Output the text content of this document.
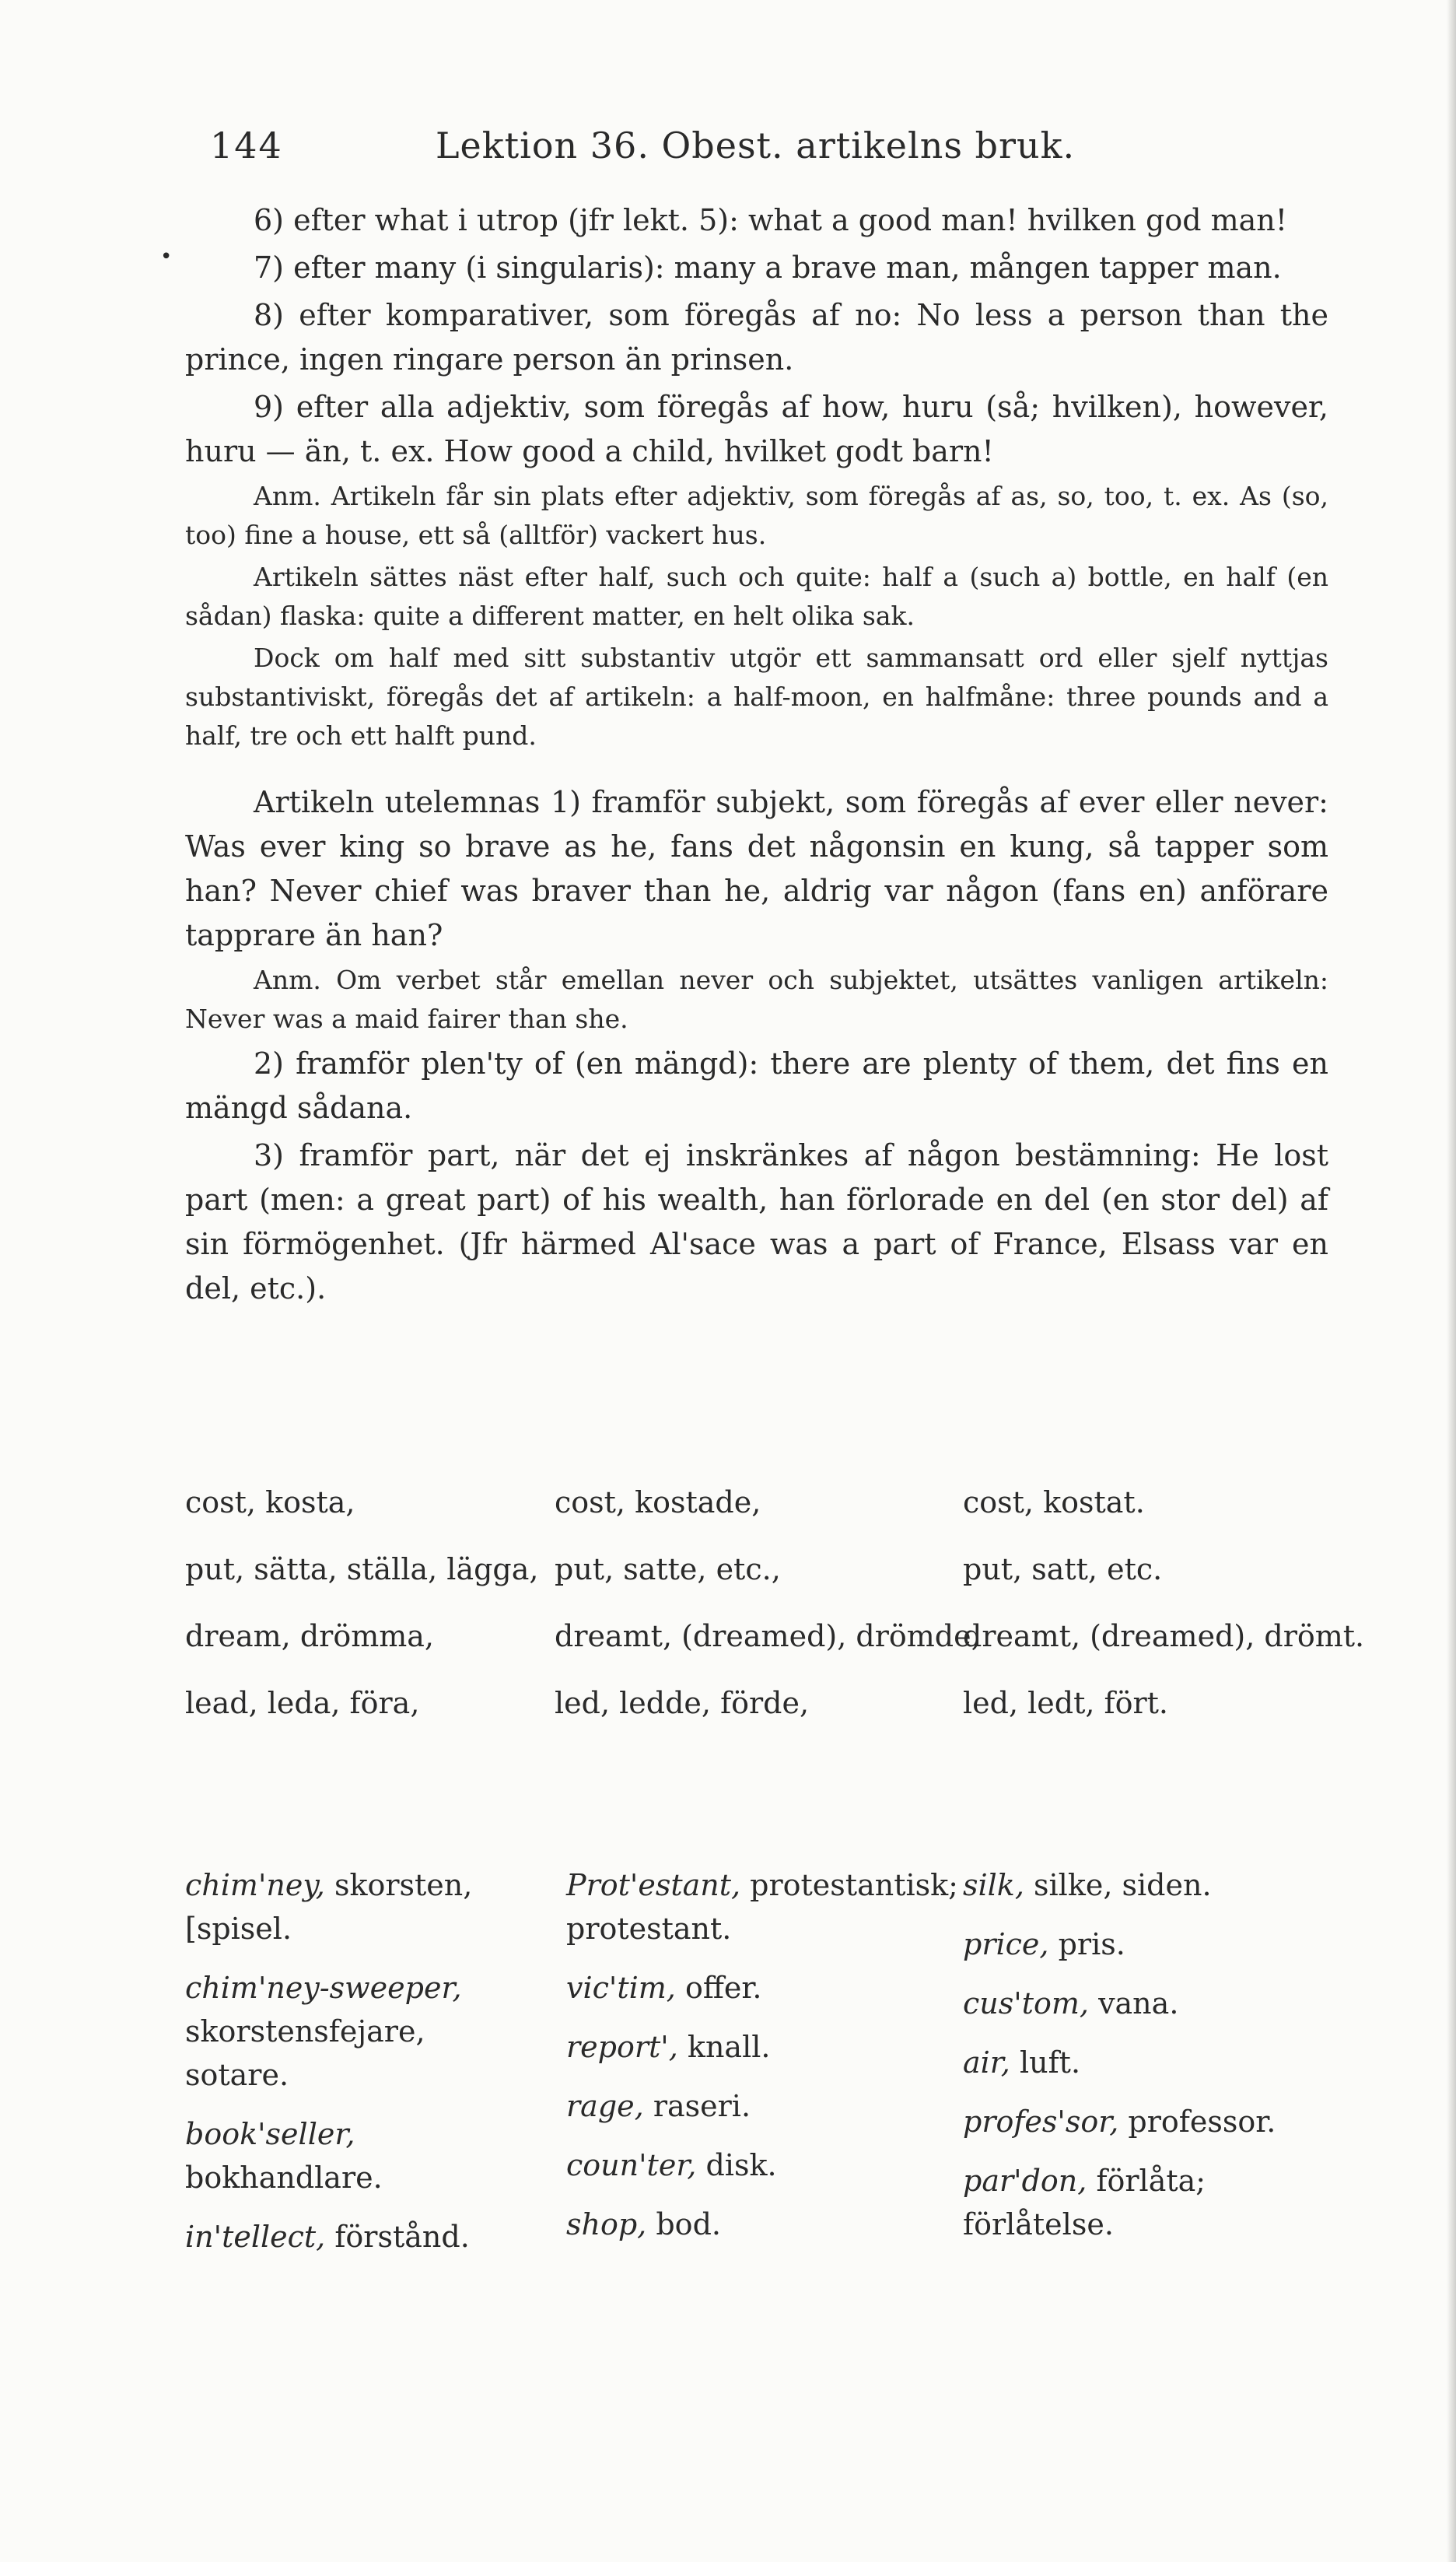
144	Lektion 36. Obest. artikelns bruk.
•

6) efter what i utrop (jfr lekt. 5): what a good man! hvilken god man!

7) efter many (i singularis): many a brave man, mången tapper man.

8) efter komparativer, som föregås af no: No less a person than the prince, ingen ringare person än prinsen.

9) efter alla adjektiv, som föregås af how, huru (så; hvilken), however, huru — än, t. ex. How good a child, hvilket godt barn!

Anm. Artikeln får sin plats efter adjektiv, som föregås af as, so, too, t. ex. As (so, too) fine a house, ett så (alltför) vackert hus.

Artikeln sättes näst efter half, such och quite: half a (such a) bottle, en half (en sådan) flaska: quite a different matter, en helt olika sak.

Dock om half med sitt substantiv utgör ett sammansatt ord eller sjelf nyttjas substantiviskt, föregås det af artikeln: a half-moon, en halfmåne: three pounds and a half, tre och ett halft pund.

Artikeln utelemnas 1) framför subjekt, som föregås af ever eller never: Was ever king so brave as he, fans det någonsin en kung, så tapper som han? Never chief was braver than he, aldrig var någon (fans en) anförare tapprare än han?

Anm. Om verbet står emellan never och subjektet, utsättes vanligen artikeln: Never was a maid fairer than she.

2) framför plen'ty of (en mängd): there are plenty of them, det fins en mängd sådana.

3) framför part, när det ej inskränkes af någon bestämning: He lost part (men: a great part) of his wealth, han förlorade en del (en stor del) af sin förmögenhet. (Jfr härmed Al'sace was a part of France, Elsass var en del, etc.).

cost, kosta,
put, sätta, ställa, lägga,
dream, drömma,
lead, leda, föra,
cost, kostade,
put, satte, etc.,
dreamt, (dreamed), drömde,
led, ledde, förde,
cost, kostat.
put, satt, etc.
dreamt, (dreamed), drömt.
led, ledt, fört.
chim'ney, skorsten, [spisel.
chim'ney-sweeper, skorstensfejare, sotare.
book'seller, bokhandlare.
in'tellect, förstånd.
Prot'estant, protestantisk; protestant.
vic'tim, offer.
report', knall.
rage, raseri.
coun'ter, disk.
shop, bod.
silk, silke, siden.
price, pris.
cus'tom, vana.
air, luft.
profes'sor, professor.
par'don, förlåta; förlåtelse.
